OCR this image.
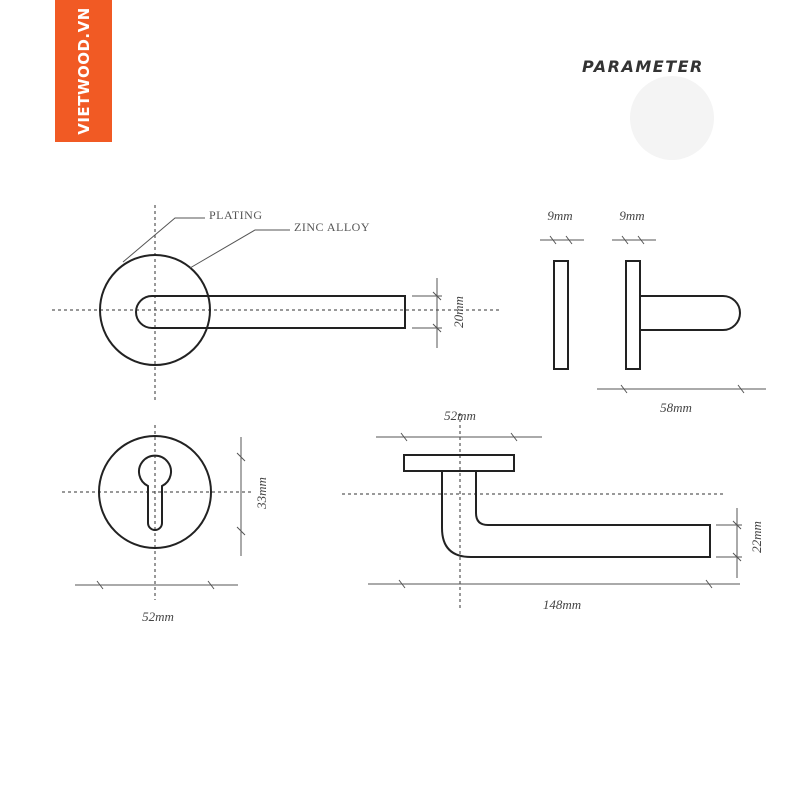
VIETWOOD.VN	PARAMETER
PLATING
ZINC ALLOY
20mm
9mm	9mm
58mm
33mm
52mm
52mm
22mm
148mm
